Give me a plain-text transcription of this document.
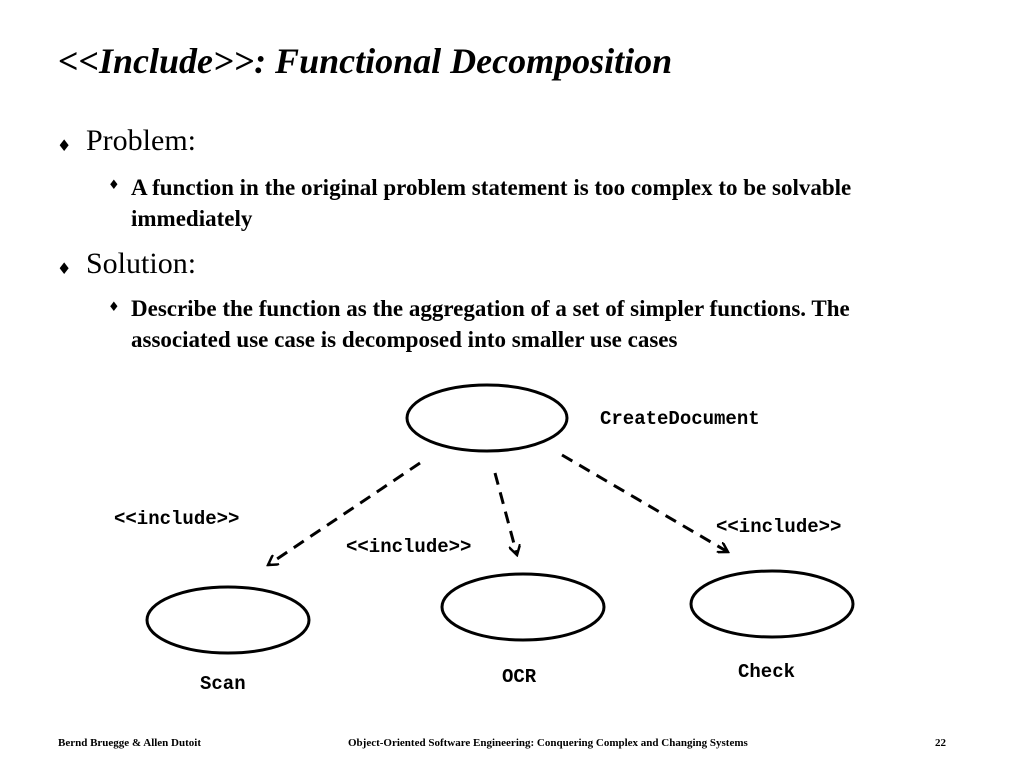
<<Include>>: Functional Decomposition
♦ Problem:
♦ A function in the original problem statement is too complex to be solvable immediately
♦ Solution:
♦ Describe the function as the aggregation of a set of simpler functions. The associated use case is decomposed into smaller use cases
CreateDocument
<<include>>
<<include>>
<<include>>
Scan	OCR	Check
Bernd Bruegge & Allen Dutoit	Object-Oriented Software Engineering: Conquering Complex and Changing Systems	22
